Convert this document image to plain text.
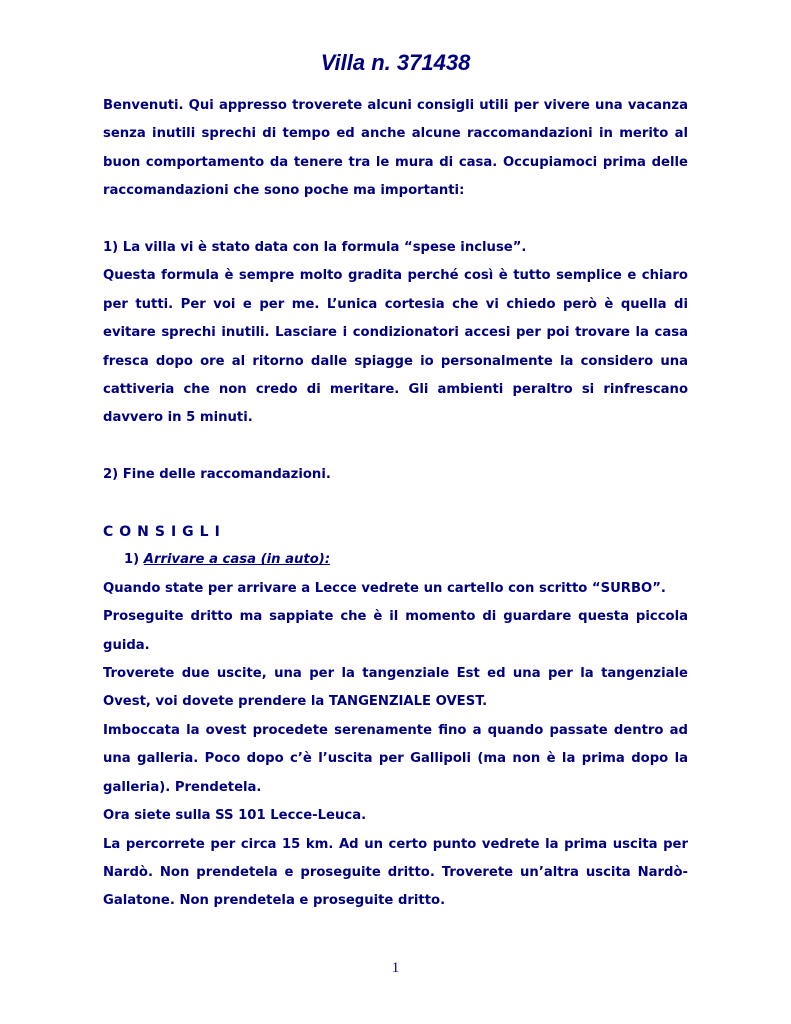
Villa n. 371438

Benvenuti. Qui appresso troverete alcuni consigli utili per vivere una vacanza

senza inutili sprechi di tempo ed anche alcune raccomandazioni in merito al

buon comportamento da tenere tra le mura di casa. Occupiamoci prima delle

raccomandazioni che sono poche ma importanti:

1) La villa vi è stato data con la formula “spese incluse”.

Questa formula è sempre molto gradita perché così è tutto semplice e chiaro

per tutti. Per voi e per me. L’unica cortesia che vi chiedo però è quella di

evitare sprechi inutili. Lasciare i condizionatori accesi per poi trovare la casa

fresca dopo ore al ritorno dalle spiagge io personalmente la considero una

cattiveria che non credo di meritare. Gli ambienti peraltro si rinfrescano

davvero in 5 minuti.

2) Fine delle raccomandazioni.

CONSIGLI

1) Arrivare a casa (in auto):

Quando state per arrivare a Lecce vedrete un cartello con scritto “SURBO”.

Proseguite dritto ma sappiate che è il momento di guardare questa piccola

guida.

Troverete due uscite, una per la tangenziale Est ed una per la tangenziale

Ovest, voi dovete prendere la TANGENZIALE OVEST.

Imboccata la ovest procedete serenamente fino a quando passate dentro ad

una galleria. Poco dopo c’è l’uscita per Gallipoli (ma non è la prima dopo la

galleria). Prendetela.

Ora siete sulla SS 101 Lecce-Leuca.

La percorrete per circa 15 km. Ad un certo punto vedrete la prima uscita per

Nardò. Non prendetela e proseguite dritto. Troverete un’altra uscita Nardò-

Galatone. Non prendetela e proseguite dritto.

1
